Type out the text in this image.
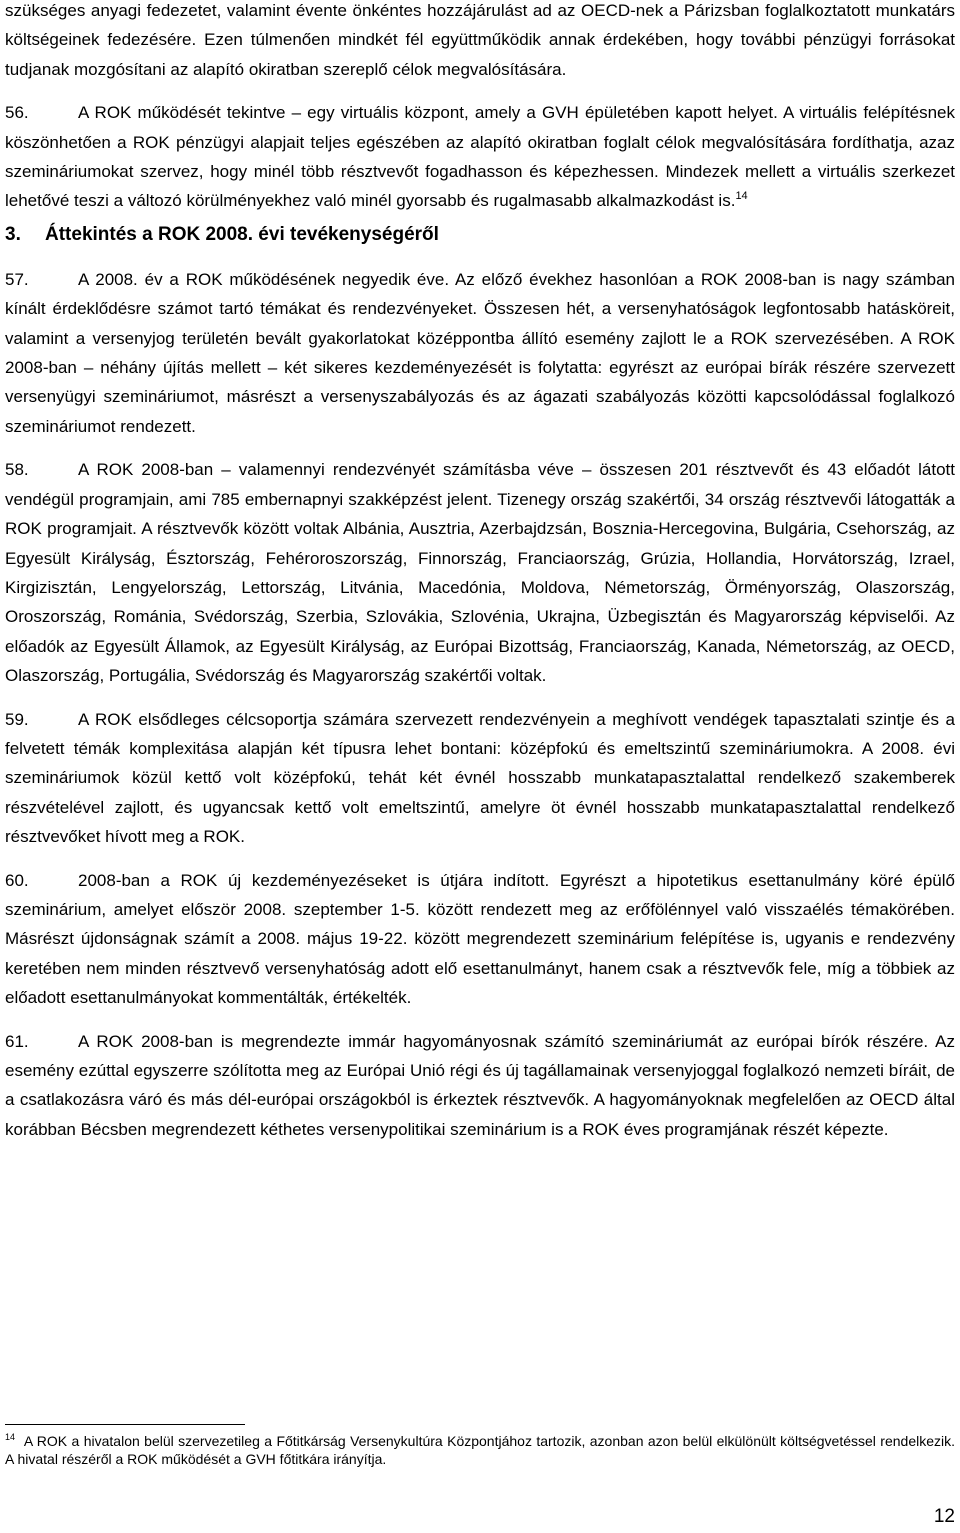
szükséges anyagi fedezetet, valamint évente önkéntes hozzájárulást ad az OECD-nek a Párizsban foglalkoztatott munkatárs költségeinek fedezésére. Ezen túlmenően mindkét fél együttműködik annak érdekében, hogy további pénzügyi forrásokat tudjanak mozgósítani az alapító okiratban szereplő célok megvalósítására.

56.	A ROK működését tekintve – egy virtuális központ, amely a GVH épületében kapott helyet. A virtuális felépítésnek köszönhetően a ROK pénzügyi alapjait teljes egészében az alapító okiratban foglalt célok megvalósítására fordíthatja, azaz szemináriumokat szervez, hogy minél több résztvevőt fogadhasson és képezhessen. Mindezek mellett a virtuális szerkezet lehetővé teszi a változó körülményekhez való minél gyorsabb és rugalmasabb alkalmazkodást is.$^{14}$

3. Áttekintés a ROK 2008. évi tevékenységéről

57.	A 2008. év a ROK működésének negyedik éve. Az előző évekhez hasonlóan a ROK 2008-ban is nagy számban kínált érdeklődésre számot tartó témákat és rendezvényeket. Összesen hét, a versenyhatóságok legfontosabb hatásköreit, valamint a versenyjog területén bevált gyakorlatokat középpontba állító esemény zajlott le a ROK szervezésében. A ROK 2008-ban – néhány újítás mellett – két sikeres kezdeményezését is folytatta: egyrészt az európai bírák részére szervezett versenyügyi szemináriumot, másrészt a versenyszabályozás és az ágazati szabályozás közötti kapcsolódással foglalkozó szemináriumot rendezett.

58.	A ROK 2008-ban – valamennyi rendezvényét számításba véve – összesen 201 résztvevőt és 43 előadót látott vendégül programjain, ami 785 embernapnyi szakképzést jelent. Tizenegy ország szakértői, 34 ország résztvevői látogatták a ROK programjait. A résztvevők között voltak Albánia, Ausztria, Azerbajdzsán, Bosznia-Hercegovina, Bulgária, Csehország, az Egyesült Királyság, Észtország, Fehéroroszország, Finnország, Franciaország, Grúzia, Hollandia, Horvátország, Izrael, Kirgizisztán, Lengyelország, Lettország, Litvánia, Macedónia, Moldova, Németország, Örményország, Olaszország, Oroszország, Románia, Svédország, Szerbia, Szlovákia, Szlovénia, Ukrajna, Üzbegisztán és Magyarország képviselői. Az előadók az Egyesült Államok, az Egyesült Királyság, az Európai Bizottság, Franciaország, Kanada, Németország, az OECD, Olaszország, Portugália, Svédország és Magyarország szakértői voltak.

59.	A ROK elsődleges célcsoportja számára szervezett rendezvényein a meghívott vendégek tapasztalati szintje és a felvetett témák komplexitása alapján két típusra lehet bontani: középfokú és emeltszintű szemináriumokra. A 2008. évi szemináriumok közül kettő volt középfokú, tehát két évnél hosszabb munkatapasztalattal rendelkező szakemberek részvételével zajlott, és ugyancsak kettő volt emeltszintű, amelyre öt évnél hosszabb munkatapasztalattal rendelkező résztvevőket hívott meg a ROK.

60.	2008-ban a ROK új kezdeményezéseket is útjára indított. Egyrészt a hipotetikus esettanulmány köré épülő szeminárium, amelyet először 2008. szeptember 1-5. között rendezett meg az erőfölénnyel való visszaélés témakörében. Másrészt újdonságnak számít a 2008. május 19-22. között megrendezett szeminárium felépítése is, ugyanis e rendezvény keretében nem minden résztvevő versenyhatóság adott elő esettanulmányt, hanem csak a résztvevők fele, míg a többiek az előadott esettanulmányokat kommentálták, értékelték.

61.	A ROK 2008-ban is megrendezte immár hagyományosnak számító szemináriumát az európai bírók részére. Az esemény ezúttal egyszerre szólította meg az Európai Unió régi és új tagállamainak versenyjoggal foglalkozó nemzeti bíráit, de a csatlakozásra váró és más dél-európai országokból is érkeztek résztvevők. A hagyományoknak megfelelően az OECD által korábban Bécsben megrendezett kéthetes versenypolitikai szeminárium is a ROK éves programjának részét képezte.

$^{14}$ A ROK a hivatalon belül szervezetileg a Főtitkárság Versenykultúra Központjához tartozik, azonban azon belül elkülönült költségvetéssel rendelkezik. A hivatal részéről a ROK működését a GVH főtitkára irányítja.
12
